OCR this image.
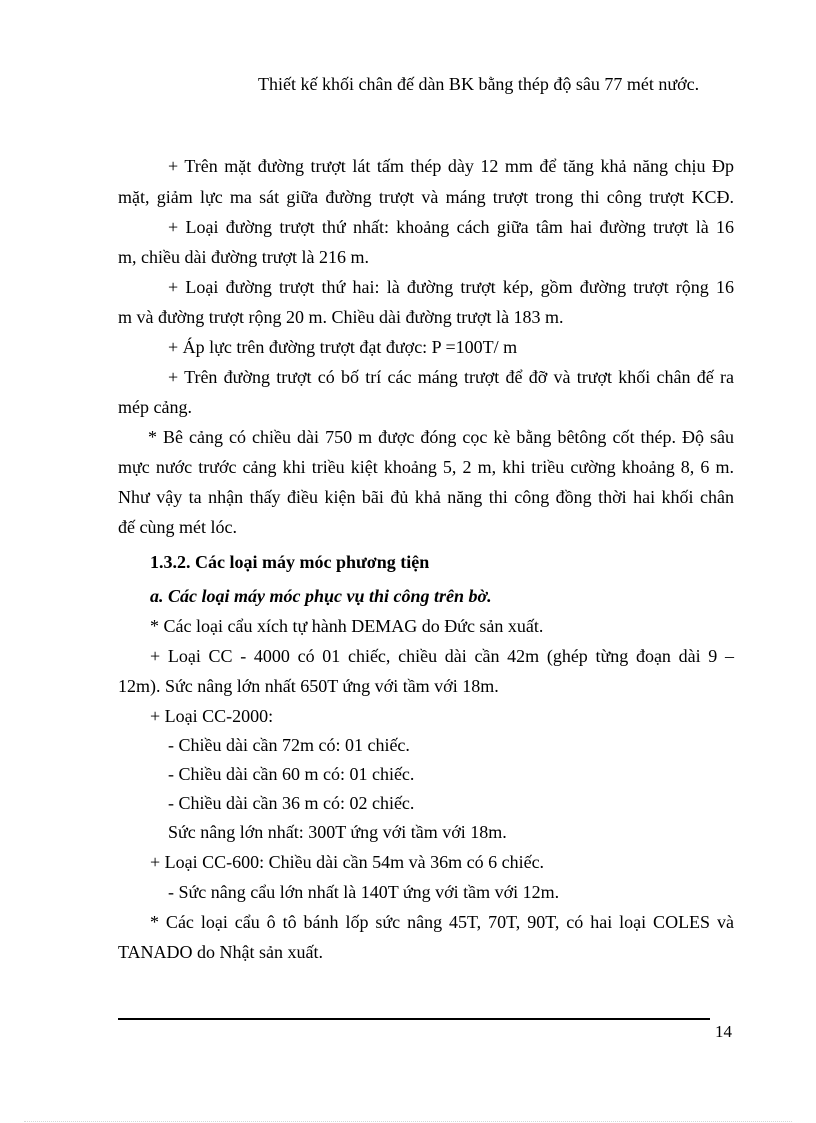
Thiết kế khối chân đế dàn BK bằng thép độ sâu 77 mét nước.
+ Trên mặt đường trượt lát tấm thép dày 12 mm để tăng khả năng chịu Đp
mặt, giảm lực ma sát giữa đường trượt và máng trượt trong thi công trượt KCĐ.
+ Loại đường trượt thứ nhất: khoảng cách giữa tâm hai đường trượt là 16
m, chiều dài đường trượt là 216 m.
+ Loại đường trượt thứ hai: là đường trượt kép, gồm đường trượt rộng 16
m và đường trượt rộng 20 m. Chiều dài đường trượt là 183 m.
+ Áp lực trên đường trượt đạt được: P =100T/ m
+ Trên đường trượt có bố trí các máng trượt để đỡ và trượt khối chân đế ra
mép cảng.
* Bê cảng có chiều dài 750 m được đóng cọc kè bằng bêtông cốt thép. Độ sâu
mực nước trước cảng khi triều kiệt khoảng 5, 2 m, khi triều cường khoảng 8, 6 m.
Như vậy ta nhận thấy điều kiện bãi đủ khả năng thi công đồng thời hai khối chân
đế cùng mét lóc.
1.3.2. Các loại máy móc phương tiện
a. Các loại máy móc phục vụ thi công trên bờ.
* Các loại cẩu xích tự hành DEMAG do Đức sản xuất.
+ Loại CC - 4000 có 01 chiếc, chiều dài cần 42m (ghép từng đoạn dài 9 –
12m). Sức nâng lớn nhất 650T ứng với tầm với 18m.
+ Loại CC-2000:
- Chiều dài cần 72m có: 01 chiếc.
- Chiều dài cần 60 m có: 01 chiếc.
- Chiều dài cần 36 m có: 02 chiếc.
Sức nâng lớn nhất: 300T ứng với tầm với 18m.
+ Loại CC-600: Chiều dài cần 54m và 36m có 6 chiếc.
- Sức nâng cẩu lớn nhất là 140T ứng với tầm với 12m.
* Các loại cẩu ô tô bánh lốp sức nâng 45T, 70T, 90T, có hai loại COLES và
TANADO do Nhật sản xuất.
14
